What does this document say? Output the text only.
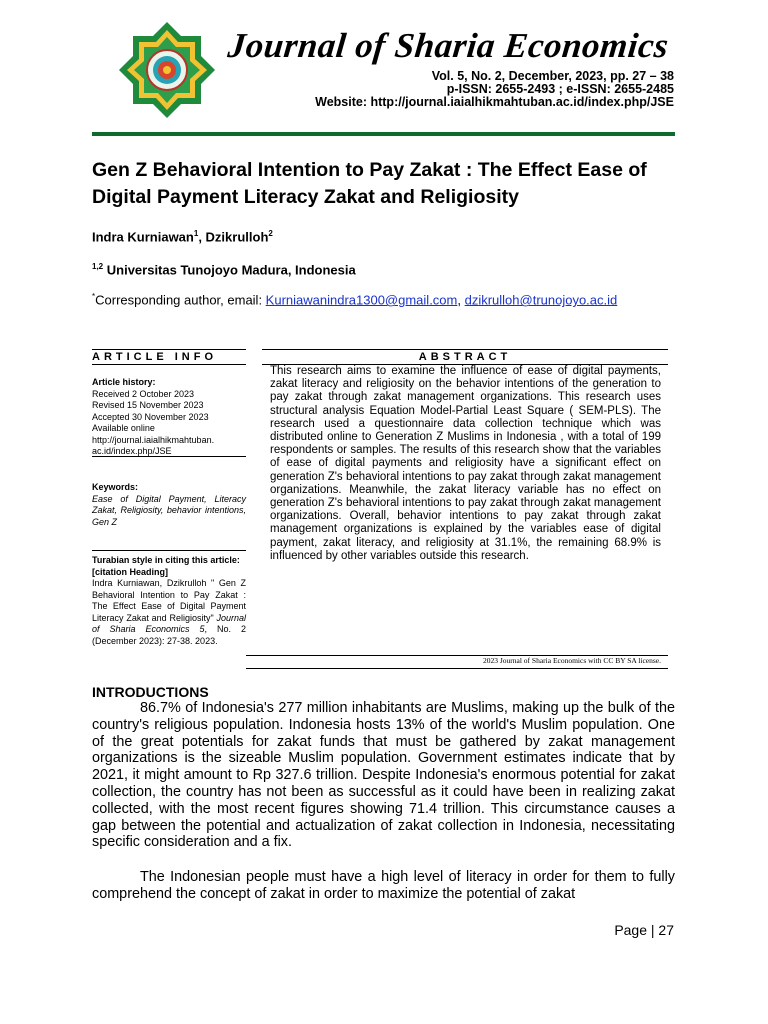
Journal of Sharia Economics
Vol. 5, No. 2, December, 2023, pp. 27 – 38
p-ISSN: 2655-2493 ; e-ISSN: 2655-2485
Website: http://journal.iaialhikmahtuban.ac.id/index.php/JSE
Gen Z Behavioral Intention to Pay Zakat : The Effect Ease of Digital Payment Literacy Zakat and Religiosity
Indra Kurniawan$^1$, Dzikrulloh$^2$
$^{1,2}$ Universitas Tunojoyo Madura, Indonesia
*Corresponding author, email: Kurniawanindra1300@gmail.com, dzikrulloh@trunojoyo.ac.id
ARTICLE INFO
Article history:
Received 2 October 2023
Revised 15 November 2023
Accepted 30 November 2023
Available online
http://journal.iaialhikmahtuban.
ac.id/index.php/JSE
Keywords:
Ease of Digital Payment, Literacy Zakat, Religiosity, behavior intentions, Gen Z
Turabian style in citing this article: [citation Heading]
Indra Kurniawan, Dzikrulloh " Gen Z Behavioral Intention to Pay Zakat : The Effect Ease of Digital Payment Literacy Zakat and Religiosity" Journal of Sharia Economics 5, No. 2 (December 2023): 27-38. 2023.
ABSTRACT
This research aims to examine the influence of ease of digital payments, zakat literacy and religiosity on the behavior intentions of the generation to pay zakat through zakat management organizations. This research uses structural analysis Equation Model-Partial Least Square ( SEM-PLS). The research used a questionnaire data collection technique which was distributed online to Generation Z Muslims in Indonesia , with a total of 199 respondents or samples. The results of this research show that the variables of ease of digital payments and religiosity have a significant effect on generation Z's behavioral intentions to pay zakat through zakat management organizations. Meanwhile, the zakat literacy variable has no effect on generation Z's behavioral intentions to pay zakat through zakat management organizations. Overall, behavior intentions to pay zakat through zakat management organizations is explained by the variables ease of digital payment, zakat literacy, and religiosity at 31.1%, the remaining 68.9% is influenced by other variables outside this research.
2023 Journal of Sharia Economics with CC BY SA license.
INTRODUCTIONS
86.7% of Indonesia's 277 million inhabitants are Muslims, making up the bulk of the country's religious population. Indonesia hosts 13% of the world's Muslim population. One of the great potentials for zakat funds that must be gathered by zakat management organizations is the sizeable Muslim population. Government estimates indicate that by 2021, it might amount to Rp 327.6 trillion. Despite Indonesia's enormous potential for zakat collection, the country has not been as successful as it could have been in realizing zakat collected, with the most recent figures showing 71.4 trillion. This circumstance causes a gap between the potential and actualization of zakat collection in Indonesia, necessitating specific consideration and a fix.
The Indonesian people must have a high level of literacy in order for them to fully comprehend the concept of zakat in order to maximize the potential of zakat
Page | 27
